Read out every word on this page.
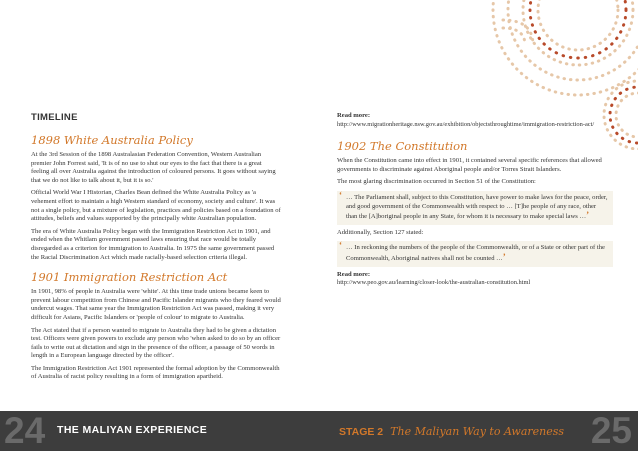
TIMELINE
1898 White Australia Policy

At the 3rd Session of the 1898 Australasian Federation Convention, Western Australian premier John Forrest said, 'It is of no use to shut our eyes to the fact that there is a great feeling all over Australia against the introduction of coloured persons. It goes without saying that we do not like to talk about it, but it is so.'

Official World War I Historian, Charles Bean defined the White Australia Policy as 'a vehement effort to maintain a high Western standard of economy, society and culture'. It was not a single policy, but a mixture of legislation, practices and policies based on a foundation of attitudes, beliefs and values supported by the principally white Australian population.

The era of White Australia Policy began with the Immigration Restriction Act in 1901, and ended when the Whitlam government passed laws ensuring that race would be totally disregarded as a criterion for immigration to Australia. In 1975 the same government passed the Racial Discrimination Act which made racially-based selection criteria illegal.

1901 Immigration Restriction Act

In 1901, 98% of people in Australia were 'white'. At this time trade unions became keen to prevent labour competition from Chinese and Pacific Islander migrants who they feared would undercut wages. That same year the Immigration Restriction Act was passed, making it very difficult for Asians, Pacific Islanders or 'people of colour' to migrate to Australia.

The Act stated that if a person wanted to migrate to Australia they had to be given a dictation test. Officers were given powers to exclude any person who 'when asked to do so by an officer fails to write out at dictation and sign in the presence of the officer, a passage of 50 words in length in a European language directed by the officer'.

The Immigration Restriction Act 1901 represented the formal adoption by the Commonwealth of Australia of racist policy resulting in a form of immigration apartheid.

Read more:
http://www.migrationheritage.nsw.gov.au/exhibition/objectsthroughtime/immigration-restriction-act/
1902 The Constitution

When the Constitution came into effect in 1901, it contained several specific references that allowed governments to discriminate against Aboriginal people and/or Torres Strait Islanders.

The most glaring discrimination occurred in Section 51 of the Constitution:

‘ … The Parliament shall, subject to this Constitution, have power to make laws for the peace, order, and good government of the Commonwealth with respect to … [T]he people of any race, other than the [A]boriginal people in any State, for whom it is necessary to make special laws …’

Additionally, Section 127 stated:

‘ … In reckoning the numbers of the people of the Commonwealth, or of a State or other part of the Commonwealth, Aboriginal natives shall not be counted …’
Read more:
http://www.peo.gov.au/learning/closer-look/the-australian-constitution.html
24 THE MALIYAN EXPERIENCE	STAGE 2 The Maliyan Way to Awareness 25
